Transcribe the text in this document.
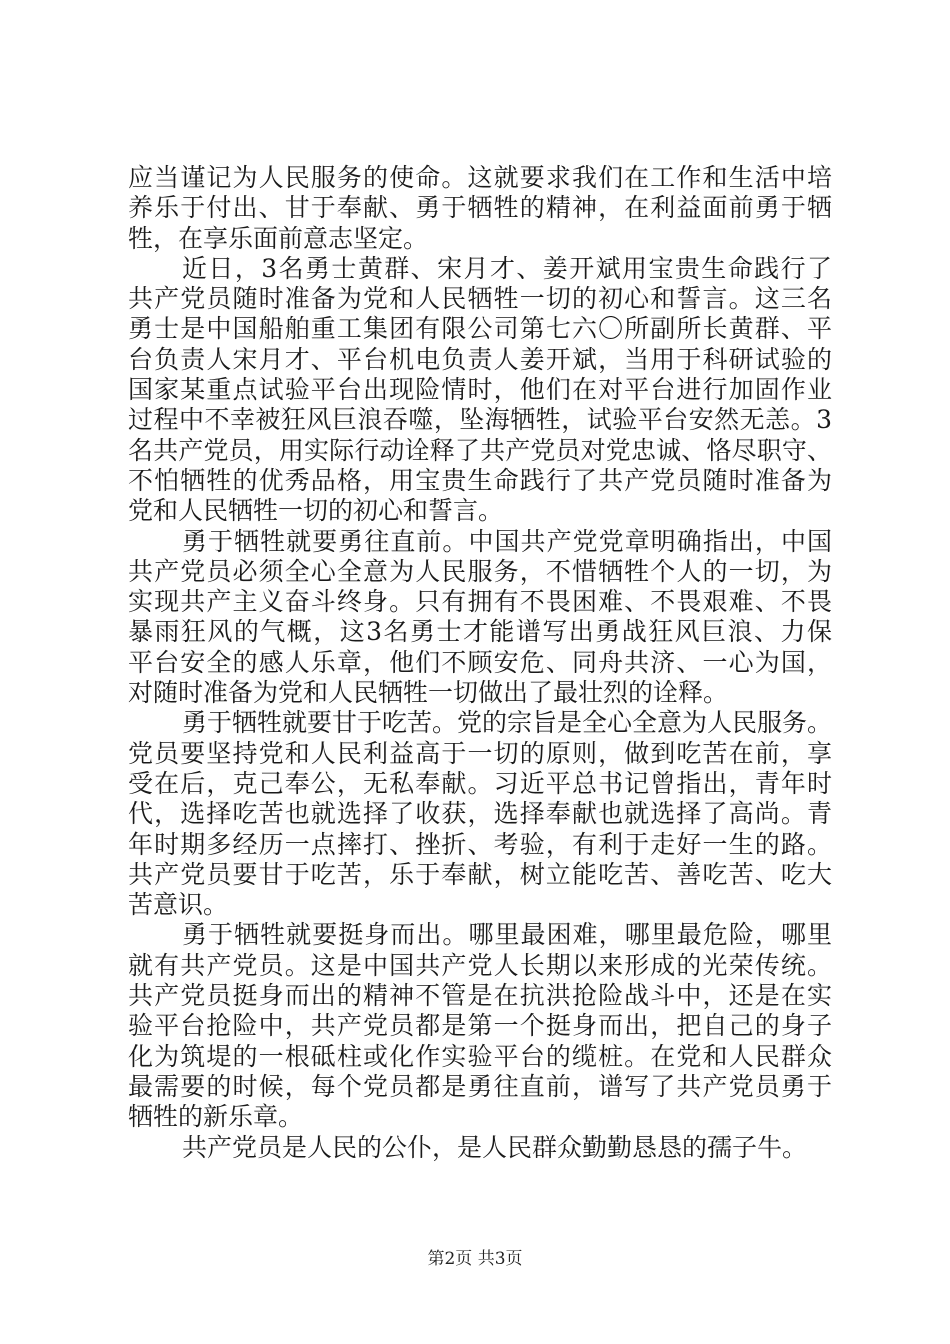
应当谨记为人民服务的使命。这就要求我们在工作和生活中培
养乐于付出、甘于奉献、勇于牺牲的精神，在利益面前勇于牺
牲，在享乐面前意志坚定。
近日，3名勇士黄群、宋月才、姜开斌用宝贵生命践行了
共产党员随时准备为党和人民牺牲一切的初心和誓言。这三名
勇士是中国船舶重工集团有限公司第七六〇所副所长黄群、平
台负责人宋月才、平台机电负责人姜开斌，当用于科研试验的
国家某重点试验平台出现险情时，他们在对平台进行加固作业
过程中不幸被狂风巨浪吞噬，坠海牺牲，试验平台安然无恙。3
名共产党员，用实际行动诠释了共产党员对党忠诚、恪尽职守、
不怕牺牲的优秀品格，用宝贵生命践行了共产党员随时准备为
党和人民牺牲一切的初心和誓言。
勇于牺牲就要勇往直前。中国共产党党章明确指出，中国
共产党员必须全心全意为人民服务，不惜牺牲个人的一切，为
实现共产主义奋斗终身。只有拥有不畏困难、不畏艰难、不畏
暴雨狂风的气概，这3名勇士才能谱写出勇战狂风巨浪、力保
平台安全的感人乐章，他们不顾安危、同舟共济、一心为国，
对随时准备为党和人民牺牲一切做出了最壮烈的诠释。
勇于牺牲就要甘于吃苦。党的宗旨是全心全意为人民服务。
党员要坚持党和人民利益高于一切的原则，做到吃苦在前，享
受在后，克己奉公，无私奉献。习近平总书记曾指出，青年时
代，选择吃苦也就选择了收获，选择奉献也就选择了高尚。青
年时期多经历一点摔打、挫折、考验，有利于走好一生的路。
共产党员要甘于吃苦，乐于奉献，树立能吃苦、善吃苦、吃大
苦意识。
勇于牺牲就要挺身而出。哪里最困难，哪里最危险，哪里
就有共产党员。这是中国共产党人长期以来形成的光荣传统。
共产党员挺身而出的精神不管是在抗洪抢险战斗中，还是在实
验平台抢险中，共产党员都是第一个挺身而出，把自己的身子
化为筑堤的一根砥柱或化作实验平台的缆桩。在党和人民群众
最需要的时候，每个党员都是勇往直前，谱写了共产党员勇于
牺牲的新乐章。
共产党员是人民的公仆，是人民群众勤勤恳恳的孺子牛。
第2页 共3页
